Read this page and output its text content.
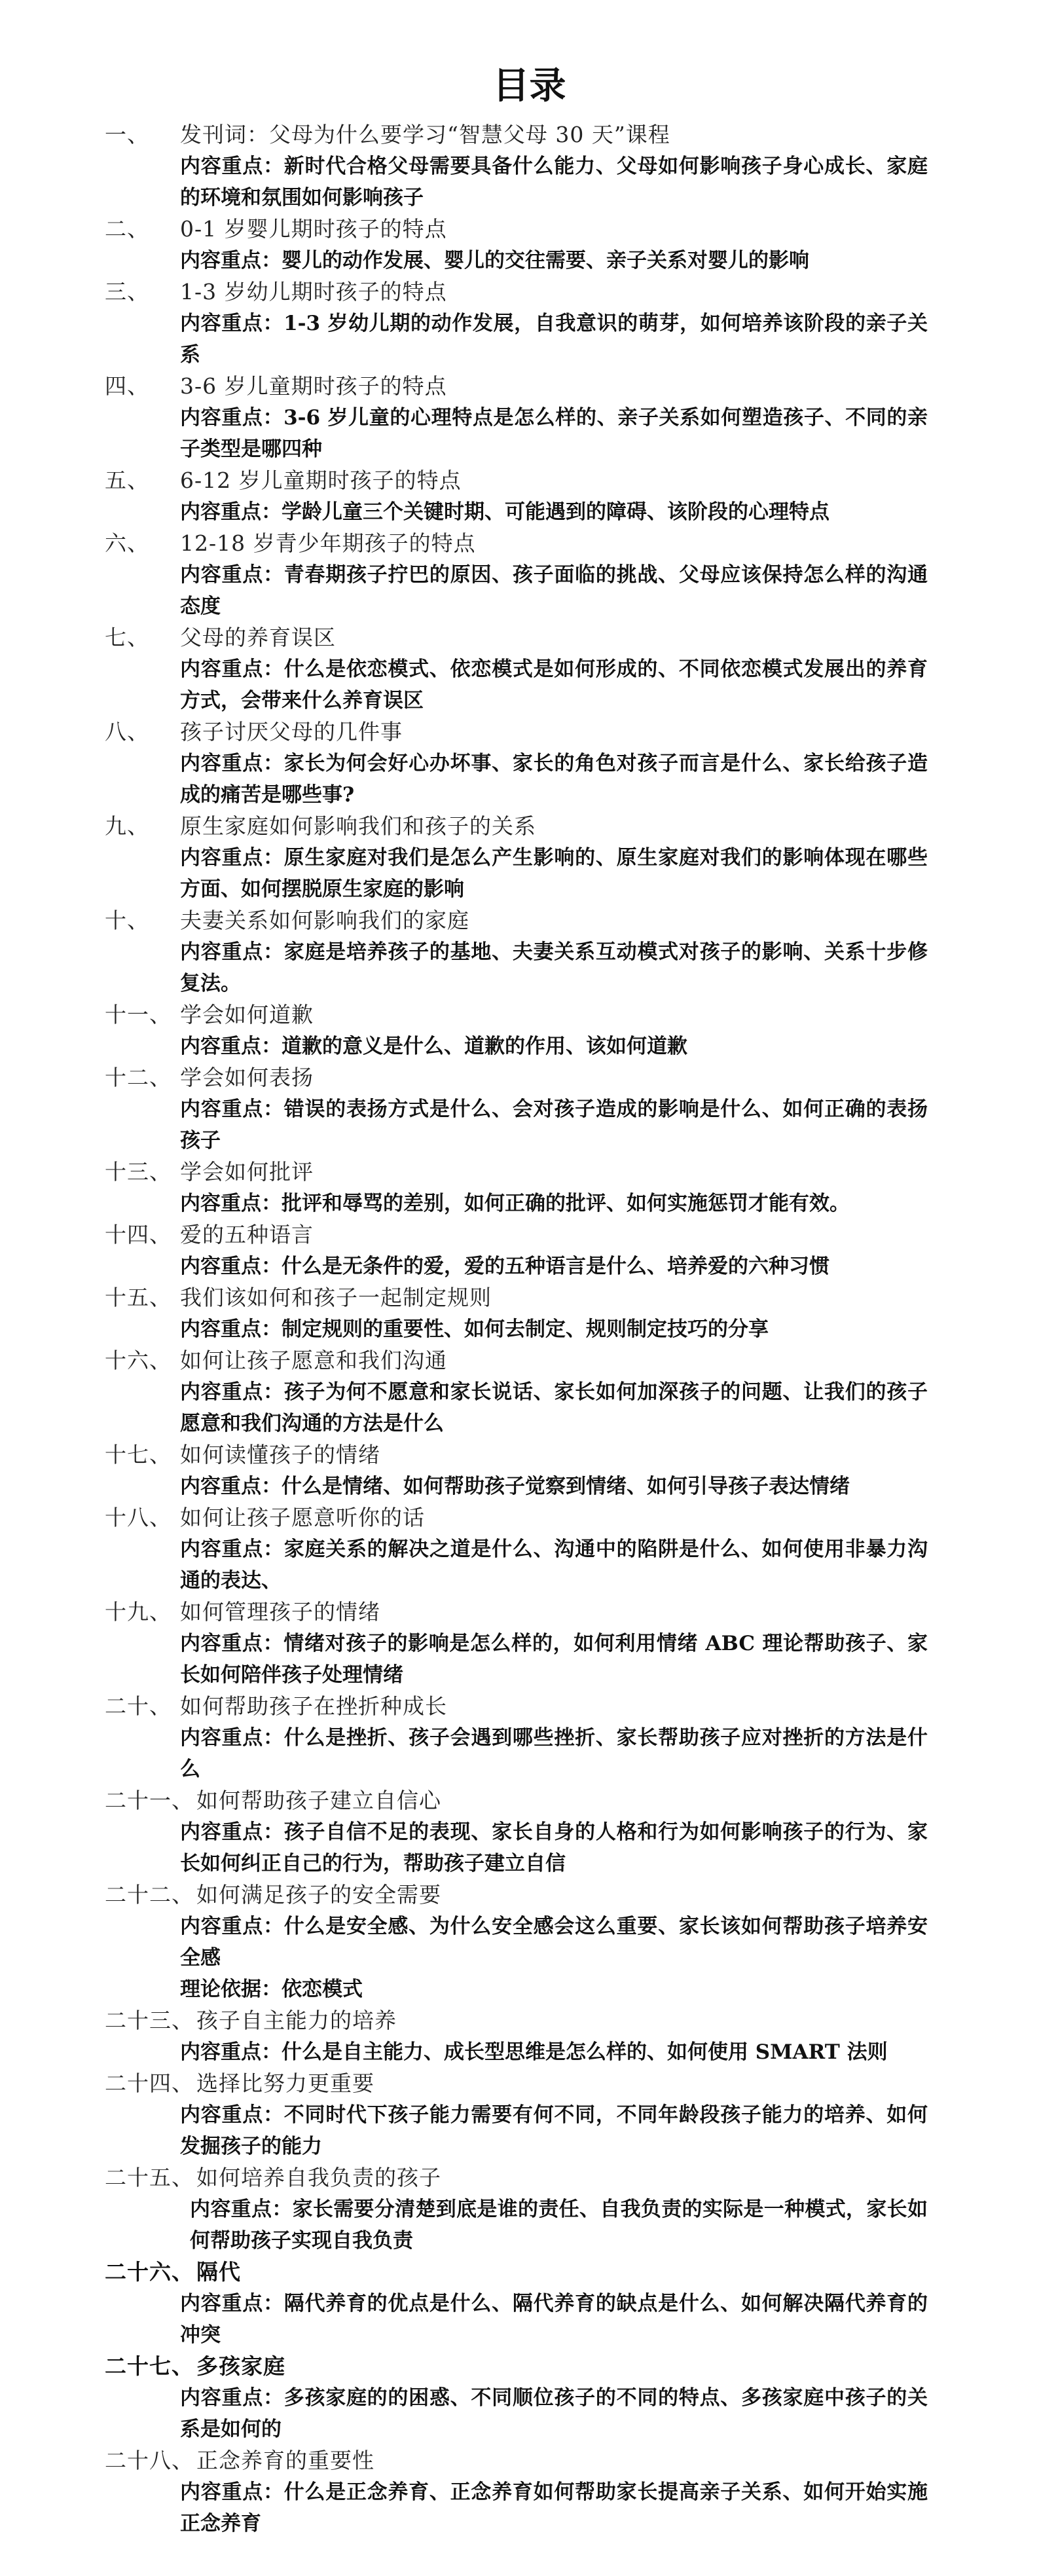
目录
一、	发刊词：父母为什么要学习“智慧父母 30 天”课程
内容重点：新时代合格父母需要具备什么能力、父母如何影响孩子身心成长、家庭的环境和氛围如何影响孩子
二、	0-1 岁婴儿期时孩子的特点
内容重点：婴儿的动作发展、婴儿的交往需要、亲子关系对婴儿的影响
三、	1-3 岁幼儿期时孩子的特点
内容重点：1-3 岁幼儿期的动作发展，自我意识的萌芽，如何培养该阶段的亲子关系
四、	3-6 岁儿童期时孩子的特点
内容重点：3-6 岁儿童的心理特点是怎么样的、亲子关系如何塑造孩子、不同的亲子类型是哪四种
五、	6-12 岁儿童期时孩子的特点
内容重点：学龄儿童三个关键时期、可能遇到的障碍、该阶段的心理特点
六、	12-18 岁青少年期孩子的特点
内容重点：青春期孩子拧巴的原因、孩子面临的挑战、父母应该保持怎么样的沟通态度
七、	父母的养育误区
内容重点：什么是依恋模式、依恋模式是如何形成的、不同依恋模式发展出的养育方式，会带来什么养育误区
八、	孩子讨厌父母的几件事
内容重点：家长为何会好心办坏事、家长的角色对孩子而言是什么、家长给孩子造成的痛苦是哪些事?
九、	原生家庭如何影响我们和孩子的关系
内容重点：原生家庭对我们是怎么产生影响的、原生家庭对我们的影响体现在哪些方面、如何摆脱原生家庭的影响
十、	夫妻关系如何影响我们的家庭
内容重点：家庭是培养孩子的基地、夫妻关系互动模式对孩子的影响、关系十步修复法。
十一、 学会如何道歉
内容重点：道歉的意义是什么、道歉的作用、该如何道歉
十二、 学会如何表扬
内容重点：错误的表扬方式是什么、会对孩子造成的影响是什么、如何正确的表扬孩子
十三、 学会如何批评
内容重点：批评和辱骂的差别，如何正确的批评、如何实施惩罚才能有效。
十四、 爱的五种语言
内容重点：什么是无条件的爱，爱的五种语言是什么、培养爱的六种习惯
十五、 我们该如何和孩子一起制定规则
内容重点：制定规则的重要性、如何去制定、规则制定技巧的分享
十六、 如何让孩子愿意和我们沟通
内容重点：孩子为何不愿意和家长说话、家长如何加深孩子的问题、让我们的孩子愿意和我们沟通的方法是什么
十七、 如何读懂孩子的情绪
内容重点：什么是情绪、如何帮助孩子觉察到情绪、如何引导孩子表达情绪
十八、 如何让孩子愿意听你的话
内容重点：家庭关系的解决之道是什么、沟通中的陷阱是什么、如何使用非暴力沟通的表达、
十九、 如何管理孩子的情绪
内容重点：情绪对孩子的影响是怎么样的，如何利用情绪 ABC 理论帮助孩子、家长如何陪伴孩子处理情绪
二十、 如何帮助孩子在挫折种成长
内容重点：什么是挫折、孩子会遇到哪些挫折、家长帮助孩子应对挫折的方法是什么
二十一、 如何帮助孩子建立自信心
内容重点：孩子自信不足的表现、家长自身的人格和行为如何影响孩子的行为、家长如何纠正自己的行为，帮助孩子建立自信
二十二、 如何满足孩子的安全需要
内容重点：什么是安全感、为什么安全感会这么重要、家长该如何帮助孩子培养安全感
理论依据：依恋模式
二十三、 孩子自主能力的培养
内容重点：什么是自主能力、成长型思维是怎么样的、如何使用 SMART 法则
二十四、 选择比努力更重要
内容重点：不同时代下孩子能力需要有何不同，不同年龄段孩子能力的培养、如何发掘孩子的能力
二十五、 如何培养自我负责的孩子
内容重点：家长需要分清楚到底是谁的责任、自我负责的实际是一种模式，家长如何帮助孩子实现自我负责
二十六、 隔代
内容重点：隔代养育的优点是什么、隔代养育的缺点是什么、如何解决隔代养育的冲突
二十七、 多孩家庭
内容重点：多孩家庭的的困惑、不同顺位孩子的不同的特点、多孩家庭中孩子的关系是如何的
二十八、 正念养育的重要性
内容重点：什么是正念养育、正念养育如何帮助家长提高亲子关系、如何开始实施正念养育
